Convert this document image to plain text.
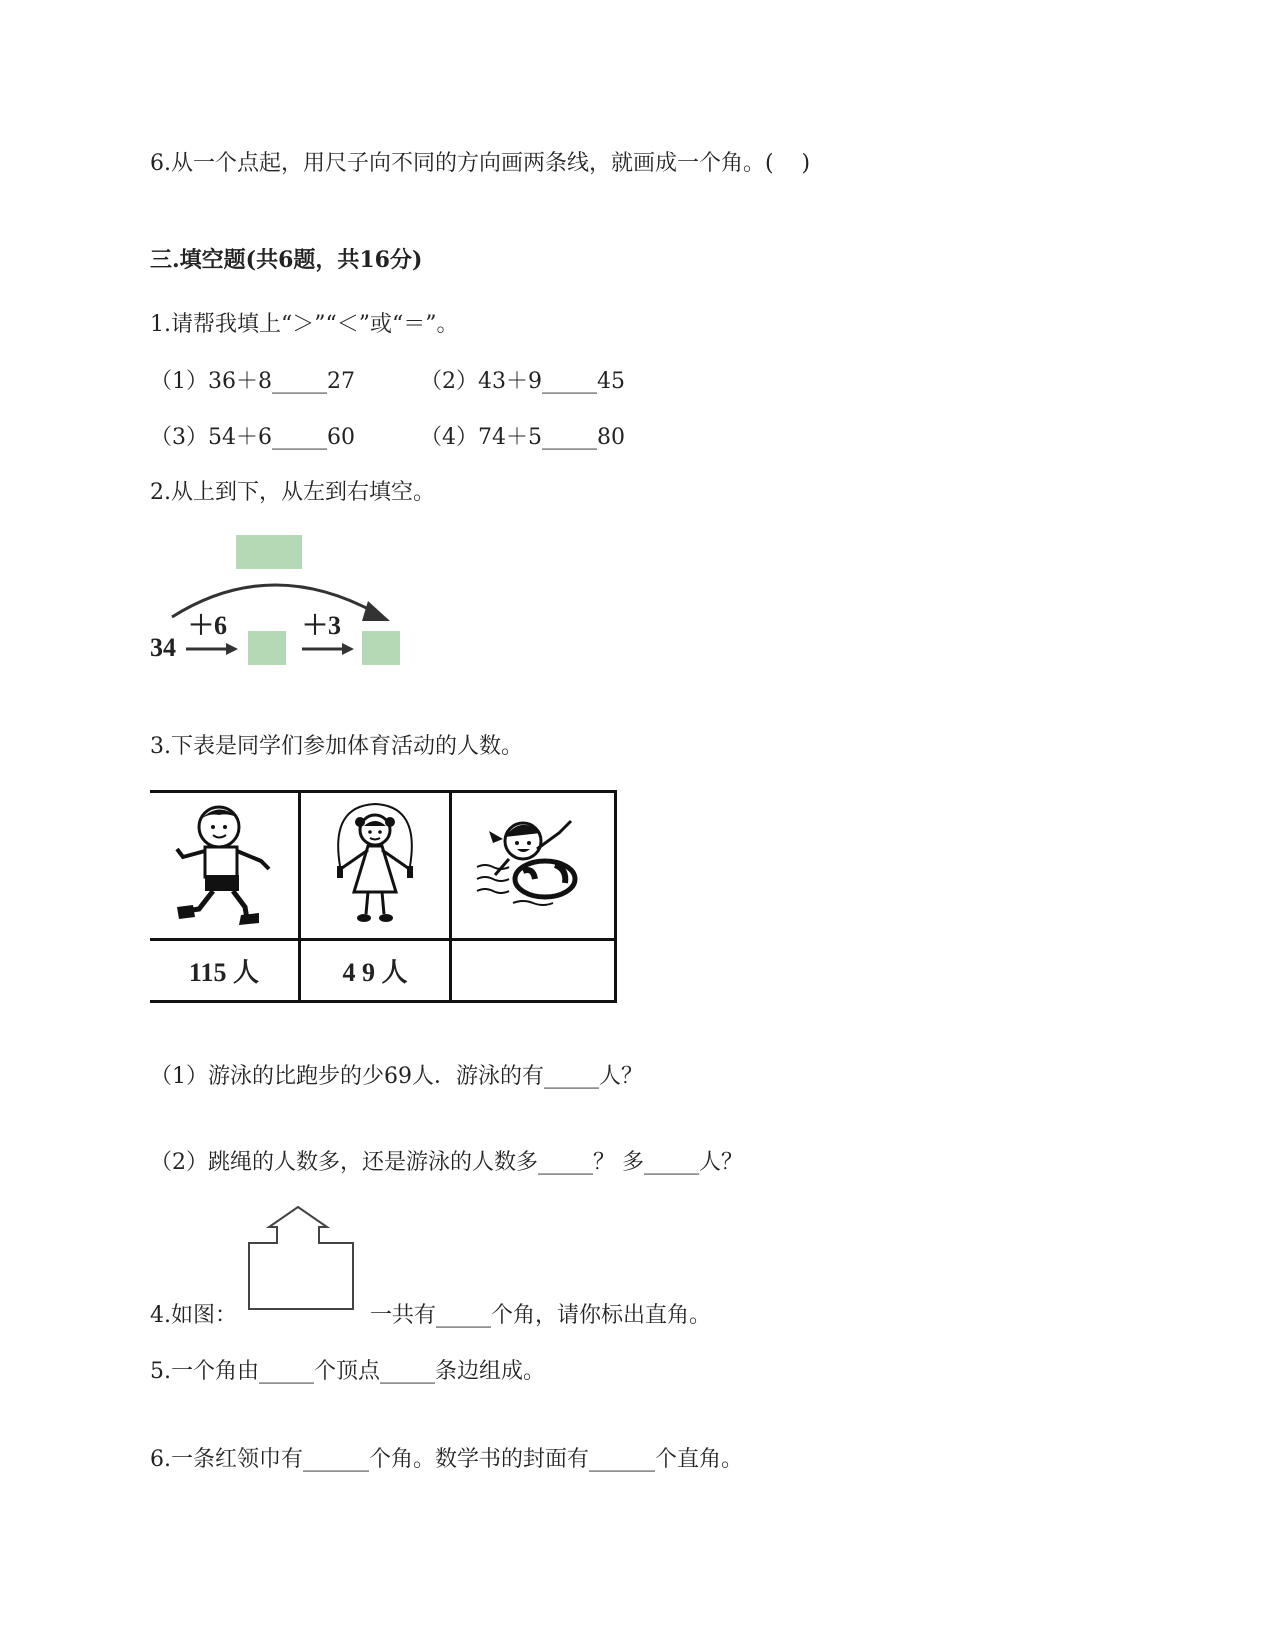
6.从一个点起，用尺子向不同的方向画两条线，就画成一个角。(    )
三.填空题(共6题，共16分)
1.请帮我填上“＞”“＜”或“＝”。
（1）36＋8_____27	（2）43＋9_____45
（3）54＋6_____60	（4）74＋5_____80
2.从上到下，从左到右填空。
34
＋6	＋3
3.下表是同学们参加体育活动的人数。

115 人	4 9 人	
（1）游泳的比跑步的少69人．游泳的有_____人？
（2）跳绳的人数多，还是游泳的人数多_____？ 多_____人？
4.如图：	一共有_____个角，请你标出直角。
5.一个角由_____个顶点_____条边组成。
6.一条红领巾有______个角。数学书的封面有______个直角。
